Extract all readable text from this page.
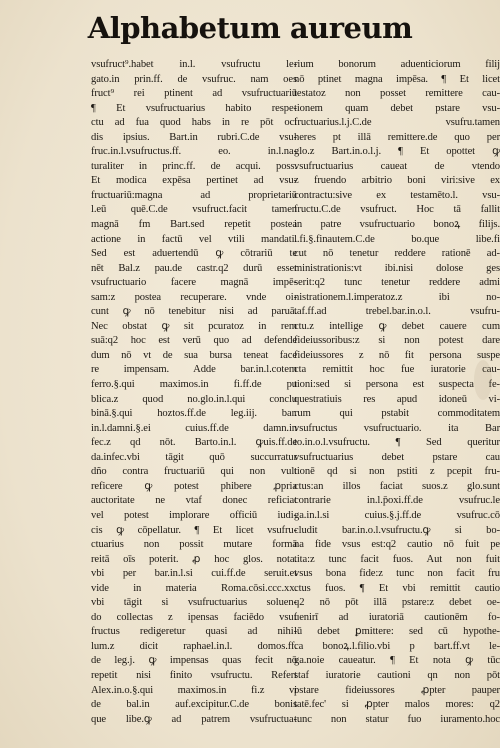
Alphabetum aureum
vsufruct⁹.habet in.l. vsufructu le-
gato.in prin.ff. de vsufruc. nam oes
fruct⁹ rei ptinent ad vsufructuariū
¶ Et vsufructuarius habito respe-
ctu ad fua quod habs in re pōt oci
dis ipsius. Bart.in rubri.C.de vsu-
fruc.in.l.vsufructus.ff. eo. in.l.na-
turaliter in princ.ff. de acqui. poss.
Et modica expēsa pertinet ad vsu-
fructuariū:magna ad proprietariū
l.eū quē.C.de vsufruct.facit tamen
magnā fm Bart.sed repetit postea
actione in factū vel vtili mandati.
Sed est aduertendū ꝙ cōtrariū te
nēt Bal.z pau.de castr.q2 durū esset
vsufructuario facere magnā impē-
sam:z postea recuperare. vnde oi-
cunt ꝙ nō tenebitur nisi ad paruā.
Nec obstat ꝙ sit pcuratoz in rem
suā:q2 hoc est verū quo ad defende
dum nō vt de sua bursa teneat face
re impensam. Adde bar.in.l.cotem
ferro.§.qui maximos.in fi.ff.de pu
blica.z quod no.glo.in.l.qui conclu
binā.§.qui hoztos.ff.de leg.iij. bar.
in.l.damni.§.ei cuius.ff.de damn.in
fec.z qd nōt. Barto.in.l. ꝙuis.ff.de
da.infec.vbi tāgit quō succurratur
dño contra fructuariū qui non vult
reficere ꝙ potest phibere ꝓpria
auctoritate ne vtaf donec reficiat
vel potest implorare officiū iudi-
cis ꝙ cōpellatur. ¶ Et licet vsufru-
ctuarius non possit mutare formā
reitā oīs poterit. ꝓ hoc glos. nota.
vbi per bar.in.l.si cui.ff.de seruit.et
vide in materia Roma.cōsi.ccc.xx.
vbi tāgit si vsufructuarius soluen-
do collectas z ipensas faciēdo vsuf
fructus redigeretur quasi ad nihi-
lum.z dicit raphael.in.l. domos.ff.
de leg.j. ꝙ impensas quas fecit nō
repetit nisi finito vsufructu. Refert
Alex.in.o.§.qui maximos.in fi.z vi
de bal.in auf.excipitur.C.de bonis
que libe.ꝙ ad patrem vsufructua-
rium bonorum aduenticiorum filij
nō ptinet magna impēsa. ¶ Et licet
testatoz non posset remittere cau-
tionem quam debet pstare vsu-
fructuarius.l.j.C.de vsufru.tamen
heres pt illā remittere.de quo per
glo.z Bart.in.o.l.j. ¶ Et opottet ꝙ
vsufructuarius caueat de vtendo
z fruendo arbitrio boni viri:sive ex
contractu:sive ex testamēto.l. vsu-
fructu.C.de vsufruct. Hoc tā fallit
in patre vsufructuario bonoꝝ filijs.
l.fi.§.finautem.C.de bo.que libe.fi
cut nō tenetur reddere rationē ad-
ministrationis:vt ibi.nisi dolose ges
serit:q2 tunc tenetur reddere admi
nistrationem.l.imperatoz.z ibi no-
taf.ff.ad trebel.bar.in.o.l. vsufru-
ctu.z intellige ꝙ debet cauere cum
fideiussoribus:z si non potest dare
fideiussores z nō fit persona suspe
cta remittit hoc fue iuratorie cau-
tioni:sed si persona est suspecta fe-
questratiuis res apud idoneū vi-
rum qui pstabit commoditatem
vsufructus vsufructuario. ita Bar
to.in.o.l.vsufructu. ¶ Sed queritur
vsufructuarius debet pstare cau
tionē qd si non pstiti z pcepit fru-
ctus:an illos faciat suos.z glo.sunt
contrarie in.l.p̄oxi.ff.de vsufruc.le
ga.in.l.si cuius.§.j.ff.de vsufruc.cō
cludit bar.in.o.l.vsufructu.ꝙ si bo-
na fide vsus est:q2 cautio nō fuit pe
tita:z tunc facit fuos. Aut non fuit
vsus bona fide:z tunc non facit fru
ctus fuos. ¶ Et vbi remittit cautio
q2 nō pōt illā pstare:z debet oe-
uenirī ad iuratoriā cautionēm fo-
lū debet ꝑmittere: sed cū hypothe-
ca bonoꝝ.l.filio.vbi p bart.ff.vt le-
ga.noie caueatur. ¶ Et nota ꝙ tūc
staf iuratorie cautioni qn non pōt
pstare fideiussores ꝓpter pauper
tatē.fec' si ꝓpter malos mores: q2
tunc non statur fuo iuramento.hoc
